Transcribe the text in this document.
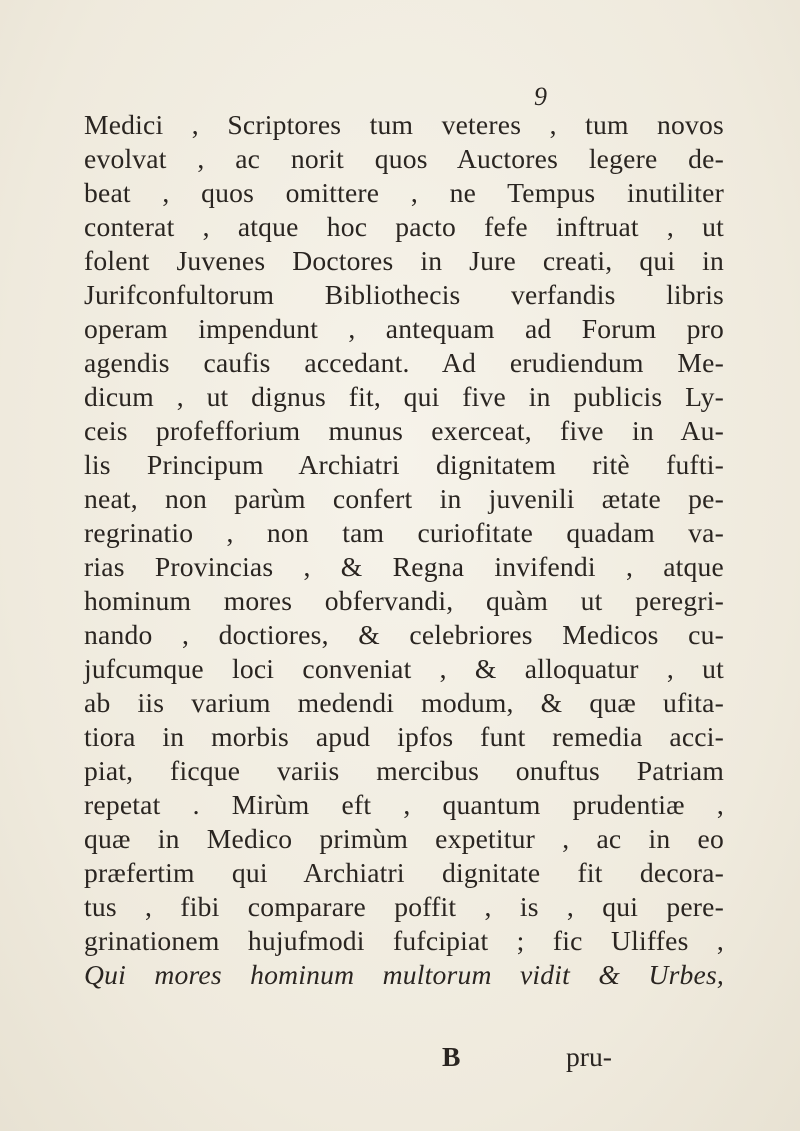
9
Medici , Scriptores tum veteres , tum novos
evolvat , ac norit quos Auctores legere de-
beat , quos omittere , ne Tempus inutiliter
conterat , atque hoc pacto fefe inftruat , ut
folent Juvenes Doctores in Jure creati, qui in
Jurifconfultorum Bibliothecis verfandis libris
operam impendunt , antequam ad Forum pro
agendis caufis accedant. Ad erudiendum Me-
dicum , ut dignus fit, qui five in publicis Ly-
ceis profefforium munus exerceat, five in Au-
lis Principum Archiatri dignitatem ritè fufti-
neat, non parùm confert in juvenili ætate pe-
regrinatio , non tam curiofitate quadam va-
rias Provincias , & Regna invifendi , atque
hominum mores obfervandi, quàm ut peregri-
nando , doctiores, & celebriores Medicos cu-
jufcumque loci conveniat , & alloquatur , ut
ab iis varium medendi modum, & quæ ufita-
tiora in morbis apud ipfos funt remedia acci-
piat, ficque variis mercibus onuftus Patriam
repetat . Mirùm eft , quantum prudentiæ ,
quæ in Medico primùm expetitur , ac in eo
præfertim qui Archiatri dignitate fit decora-
tus , fibi comparare poffit , is , qui pere-
grinationem hujufmodi fufcipiat ; fic Uliffes ,
Qui mores hominum multorum vidit & Urbes,
B	pru-
